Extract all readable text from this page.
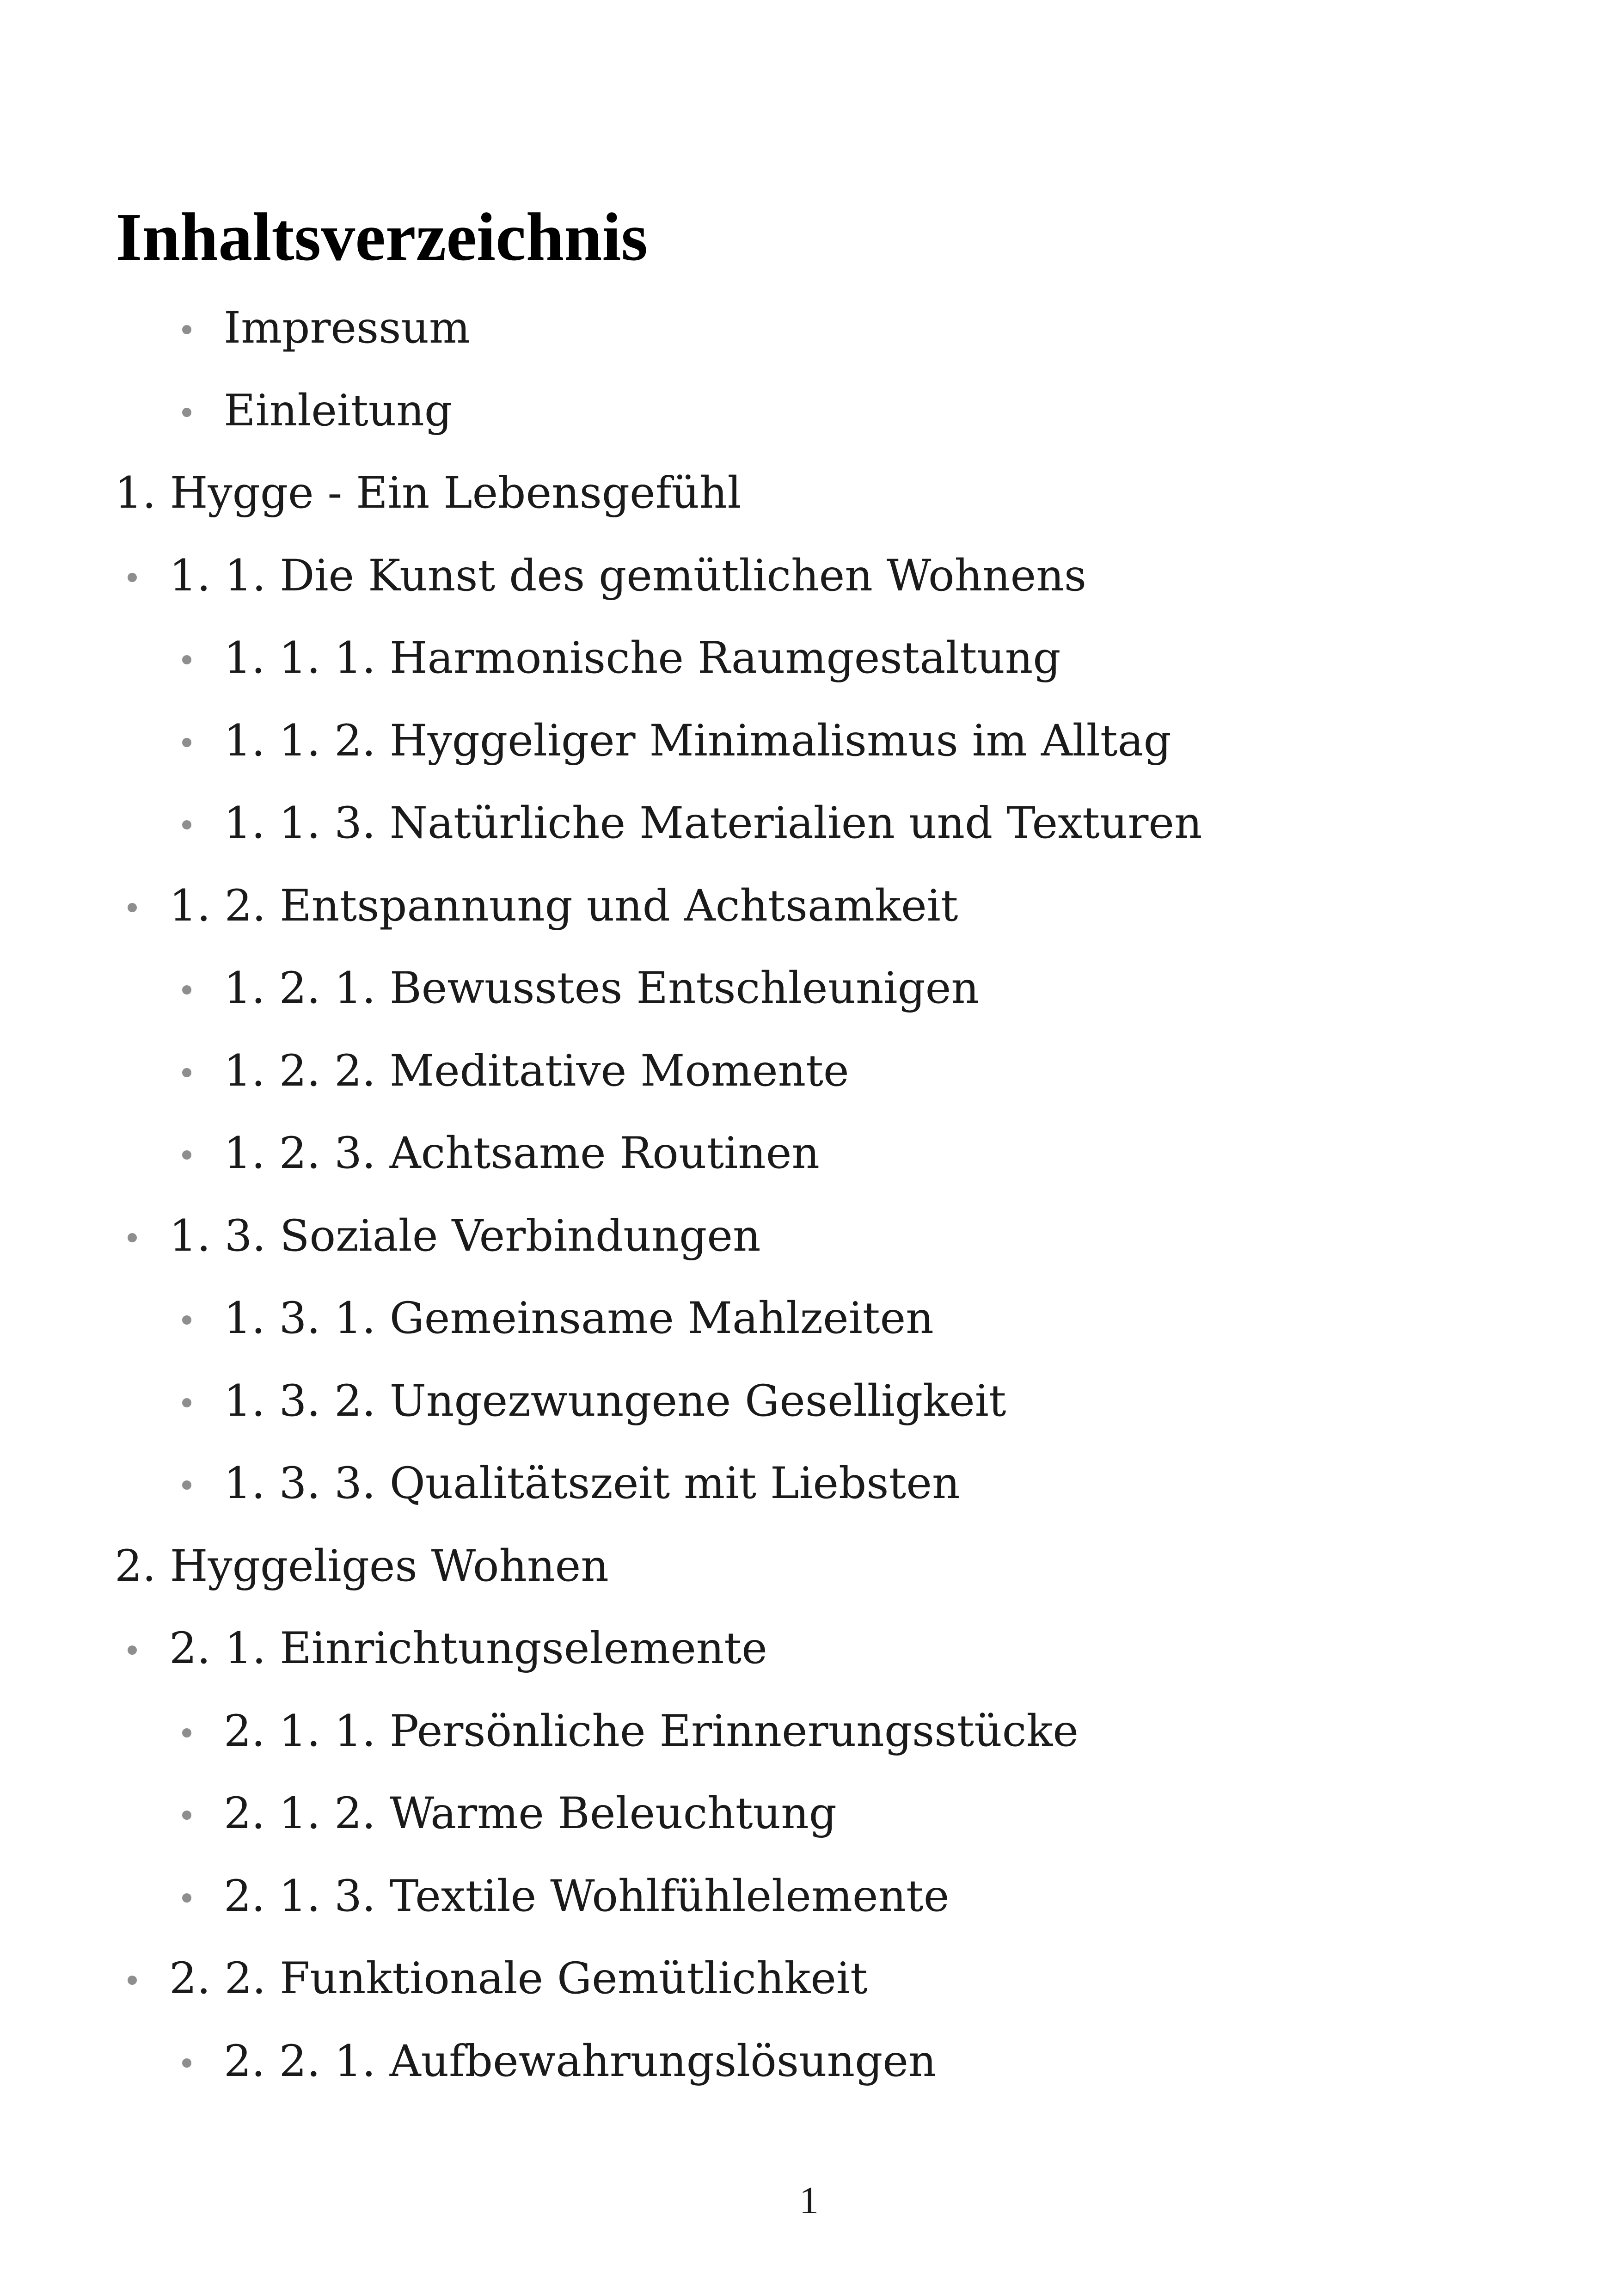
Inhaltsverzeichnis
Impressum
Einleitung
1. Hygge - Ein Lebensgefühl
1. 1. Die Kunst des gemütlichen Wohnens
1. 1. 1. Harmonische Raumgestaltung
1. 1. 2. Hyggeliger Minimalismus im Alltag
1. 1. 3. Natürliche Materialien und Texturen
1. 2. Entspannung und Achtsamkeit
1. 2. 1. Bewusstes Entschleunigen
1. 2. 2. Meditative Momente
1. 2. 3. Achtsame Routinen
1. 3. Soziale Verbindungen
1. 3. 1. Gemeinsame Mahlzeiten
1. 3. 2. Ungezwungene Geselligkeit
1. 3. 3. Qualitätszeit mit Liebsten
2. Hyggeliges Wohnen
2. 1. Einrichtungselemente
2. 1. 1. Persönliche Erinnerungsstücke
2. 1. 2. Warme Beleuchtung
2. 1. 3. Textile Wohlfühlelemente
2. 2. Funktionale Gemütlichkeit
2. 2. 1. Aufbewahrungslösungen
1
